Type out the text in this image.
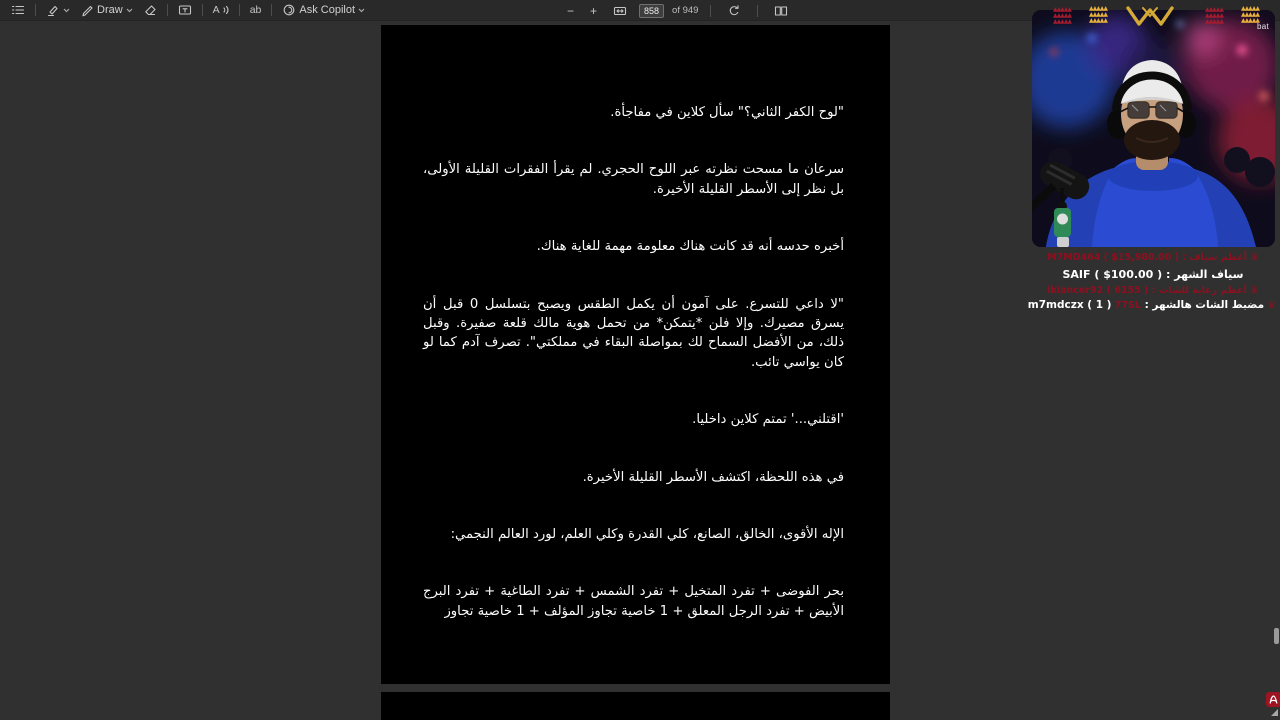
Draw	A	ab	Ask Copilot	− +	858	of 949

"لوح الكفر الثاني؟" سأل كلاين في مفاجأة.

سرعان ما مسحت نظرته عبر اللوح الحجري. لم يقرأ الفقرات القليلة الأولى، بل نظر إلى الأسطر القليلة الأخيرة.

أخبره حدسه أنه قد كانت هناك معلومة مهمة للغاية هناك.

"لا داعي للتسرع. على آمون أن يكمل الطقس ويصبح بتسلسل 0 قبل أن يسرق مصيرك. وإلا فلن *يتمكن* من تحمل هوية مالك قلعة صفيرة. وقبل ذلك، من الأفضل السماح لك بمواصلة البقاء في مملكتي". تصرف آدم كما لو كان يواسي تائب.

'اقتلني...' تمتم كلاين داخليا.

في هذه اللحظة، اكتشف الأسطر القليلة الأخيرة.

الإله الأقوى، الخالق، الصانع، كلي القدرة وكلي العلم، لورد العالم النجمي:

بحر الفوضى + تفرد المتخيل + تفرد الشمس + تفرد الطاغية + تفرد البرج الأبيض + تفرد الرجل المعلق + 1 خاصية تجاوز المؤلف + 1 خاصية تجاوز

▲▲▲▲▲
▲▲▲▲▲
▲▲▲▲▲
▲▲▲▲▲
▲▲▲▲▲
▲▲▲▲▲
▲▲▲▲▲
▲▲▲▲▲
▲▲▲▲▲
▲▲▲▲▲
▲▲▲▲▲
▲▲▲▲▲
bat
♛ أعظم سياف : M7MD464 ( $15,980.00 )
سياف الشهر : SAIF ( $100.00 )
♛ أعظم رعاية للشات : ikiancer92 ( 6155 )
♛ مضبط الشات هالشهر : m7mdczx ( 1 ) 77SL
